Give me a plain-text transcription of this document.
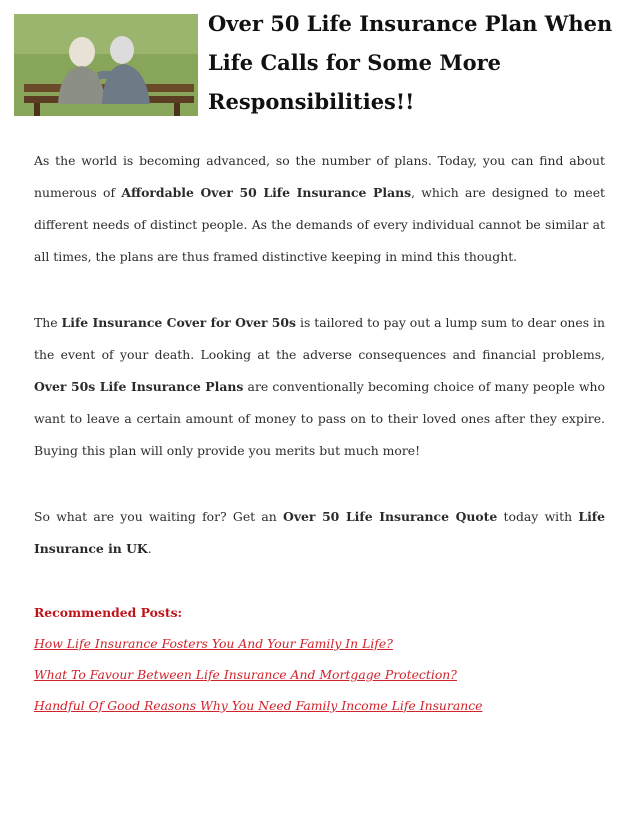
Over 50 Life Insurance Plan When
Life Calls for Some More
Responsibilities!!

As the world is becoming advanced, so the number of plans. Today, you can find about numerous of Affordable Over 50 Life Insurance Plans, which are designed to meet different needs of distinct people. As the demands of every individual cannot be similar at all times, the plans are thus framed distinctive keeping in mind this thought.

The Life Insurance Cover for Over 50s is tailored to pay out a lump sum to dear ones in the event of your death. Looking at the adverse consequences and financial problems, Over 50s Life Insurance Plans are conventionally becoming choice of many people who want to leave a certain amount of money to pass on to their loved ones after they expire. Buying this plan will only provide you merits but much more!

So what are you waiting for? Get an Over 50 Life Insurance Quote today with Life Insurance in UK.

Recommended Posts:
How Life Insurance Fosters You And Your Family In Life?
What To Favour Between Life Insurance And Mortgage Protection?
Handful Of Good Reasons Why You Need Family Income Life Insurance
